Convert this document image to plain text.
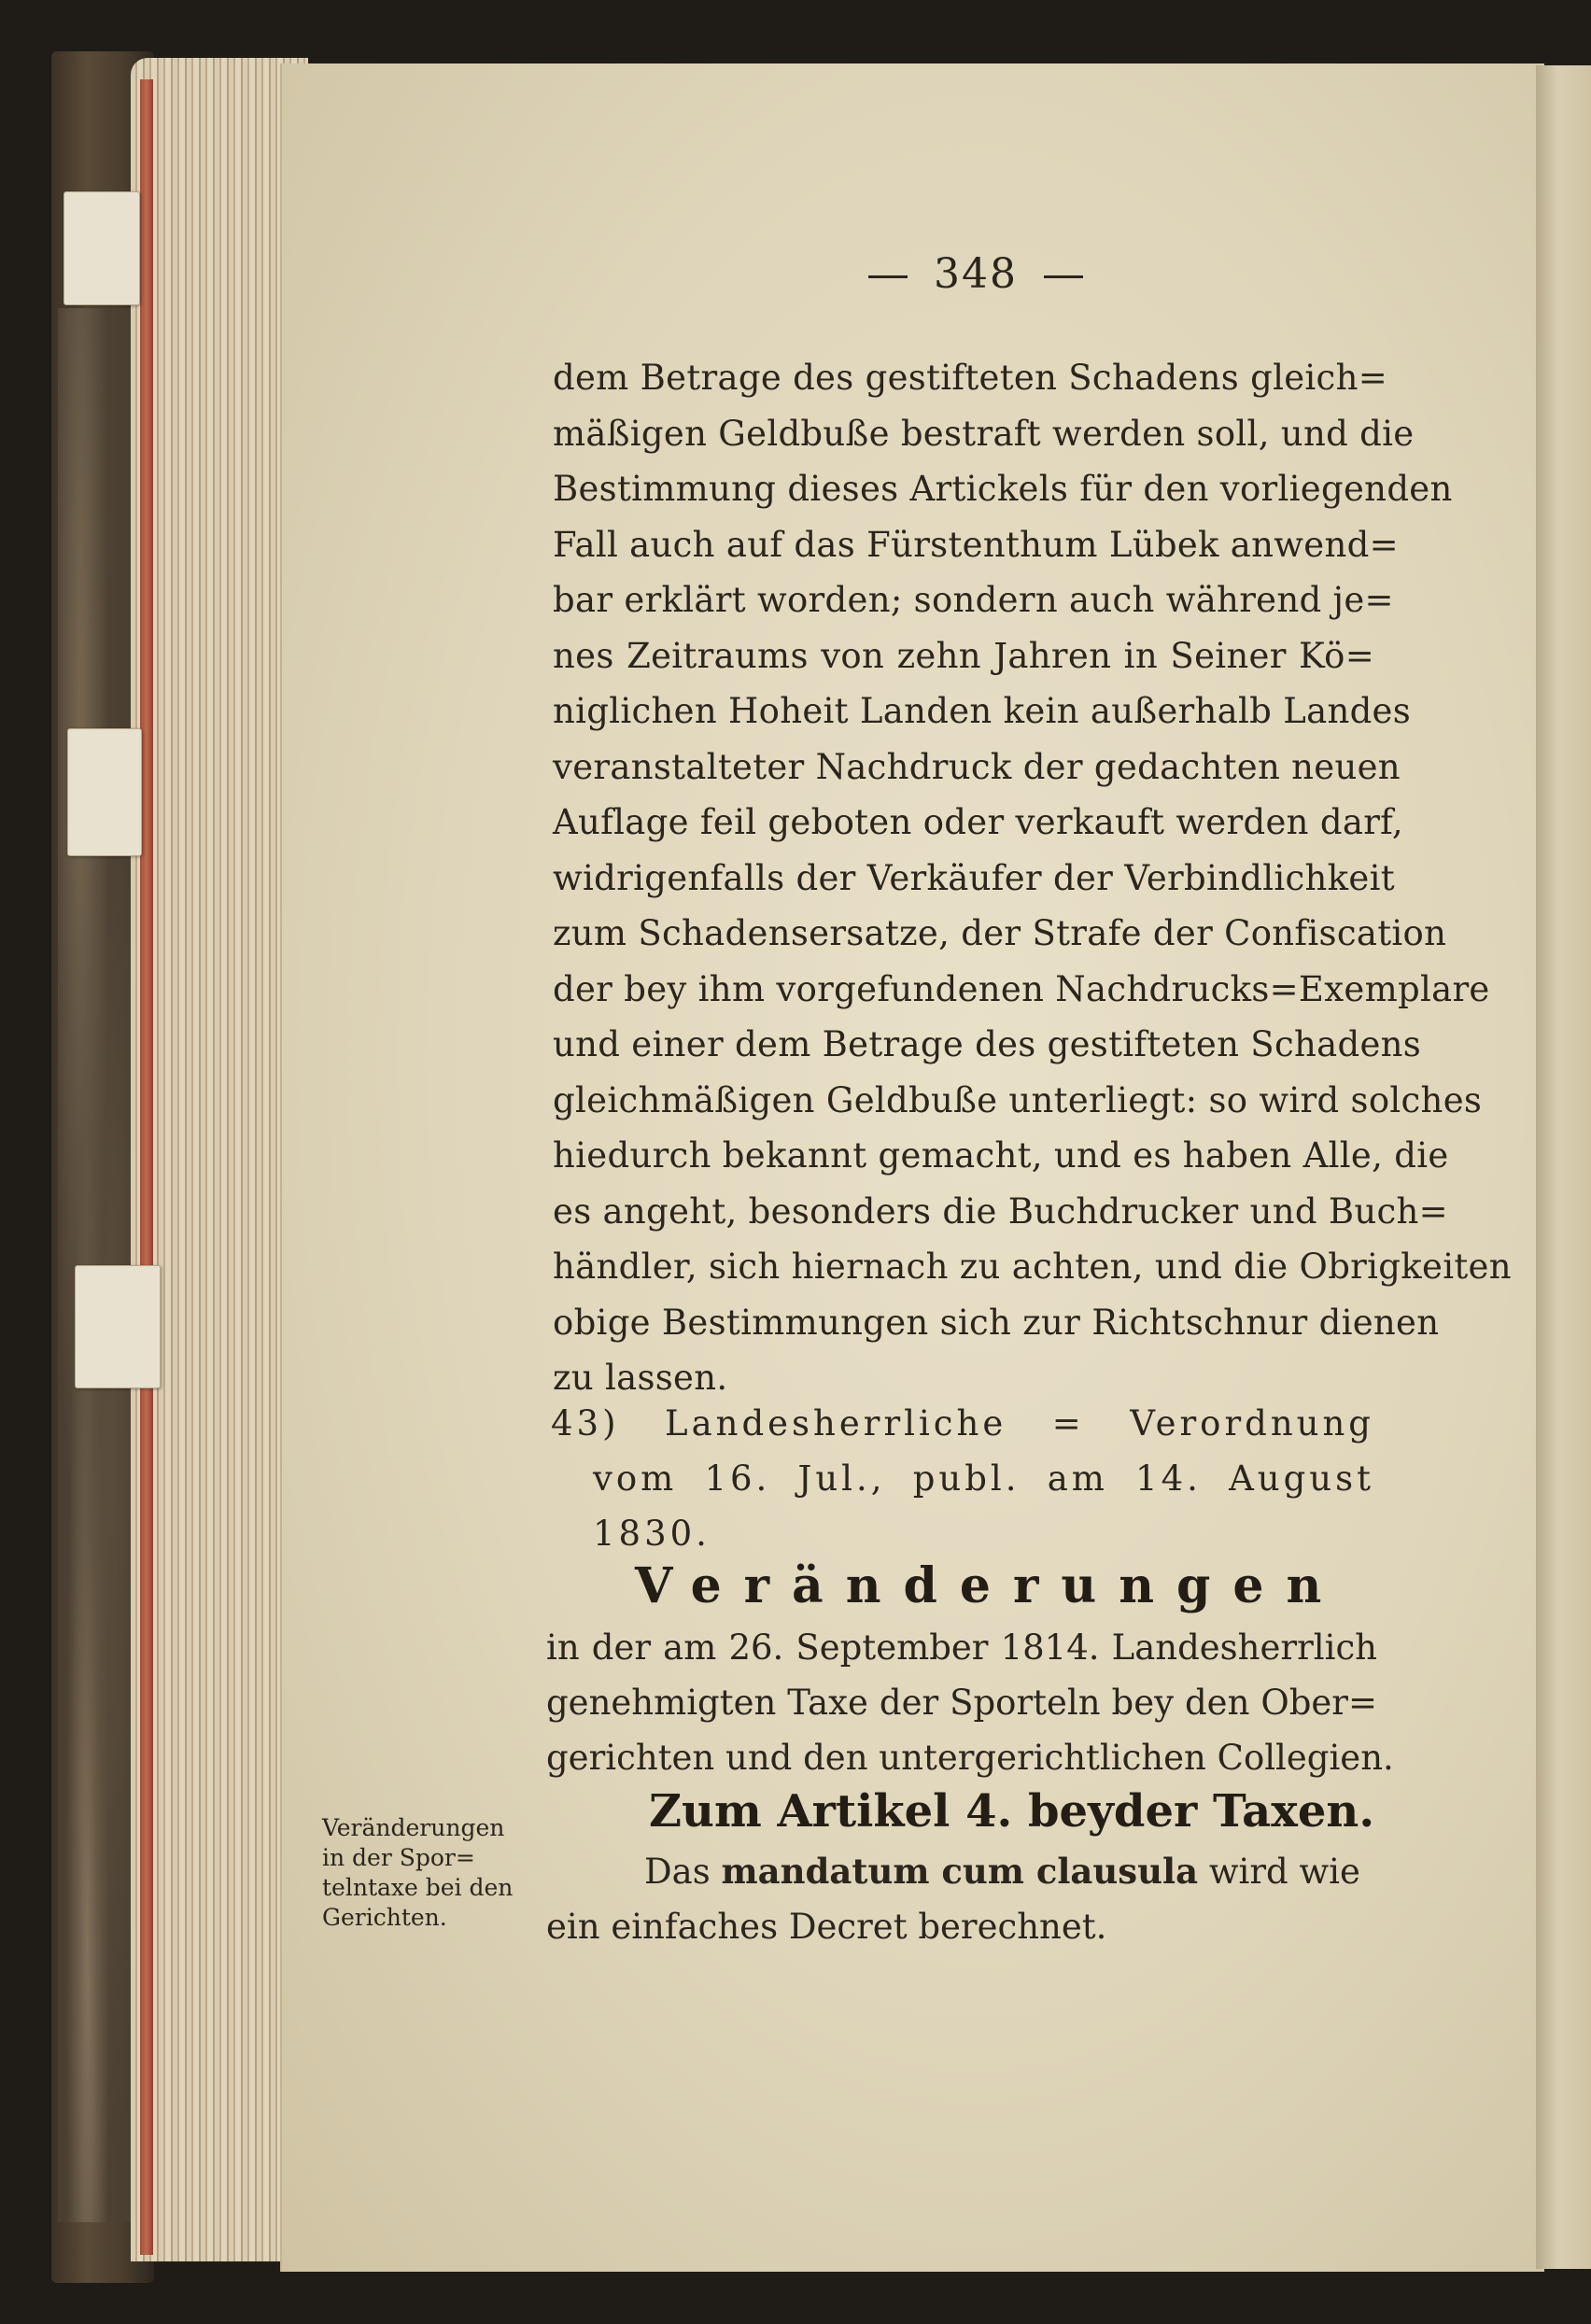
348
dem Betrage des gestifteten Schadens gleich=
mäßigen Geldbuße bestraft werden soll, und die
Bestimmung dieses Artickels für den vorliegenden
Fall auch auf das Fürstenthum Lübek anwend=
bar erklärt worden; sondern auch während je=
nes Zeitraums von zehn Jahren in Seiner Kö=
niglichen Hoheit Landen kein außerhalb Landes
veranstalteter Nachdruck der gedachten neuen
Auflage feil geboten oder verkauft werden darf,
widrigenfalls der Verkäufer der Verbindlichkeit
zum Schadensersatze, der Strafe der Confiscation
der bey ihm vorgefundenen Nachdrucks=Exemplare
und einer dem Betrage des gestifteten Schadens
gleichmäßigen Geldbuße unterliegt: so wird solches
hiedurch bekannt gemacht, und es haben Alle, die
es angeht, besonders die Buchdrucker und Buch=
händler, sich hiernach zu achten, und die Obrigkeiten
obige Bestimmungen sich zur Richtschnur dienen
zu lassen.
43) Landesherrliche = Verordnung
vom 16. Jul., publ. am 14. August
1830.
Veränderungen
in der am 26. September 1814. Landesherrlich
genehmigten Taxe der Sporteln bey den Ober=
gerichten und den untergerichtlichen Collegien.
Zum Artikel 4. beyder Taxen.
Das mandatum cum clausula wird wie
ein einfaches Decret berechnet.
Veränderungen
in der Spor=
telntaxe bei den
Gerichten.
